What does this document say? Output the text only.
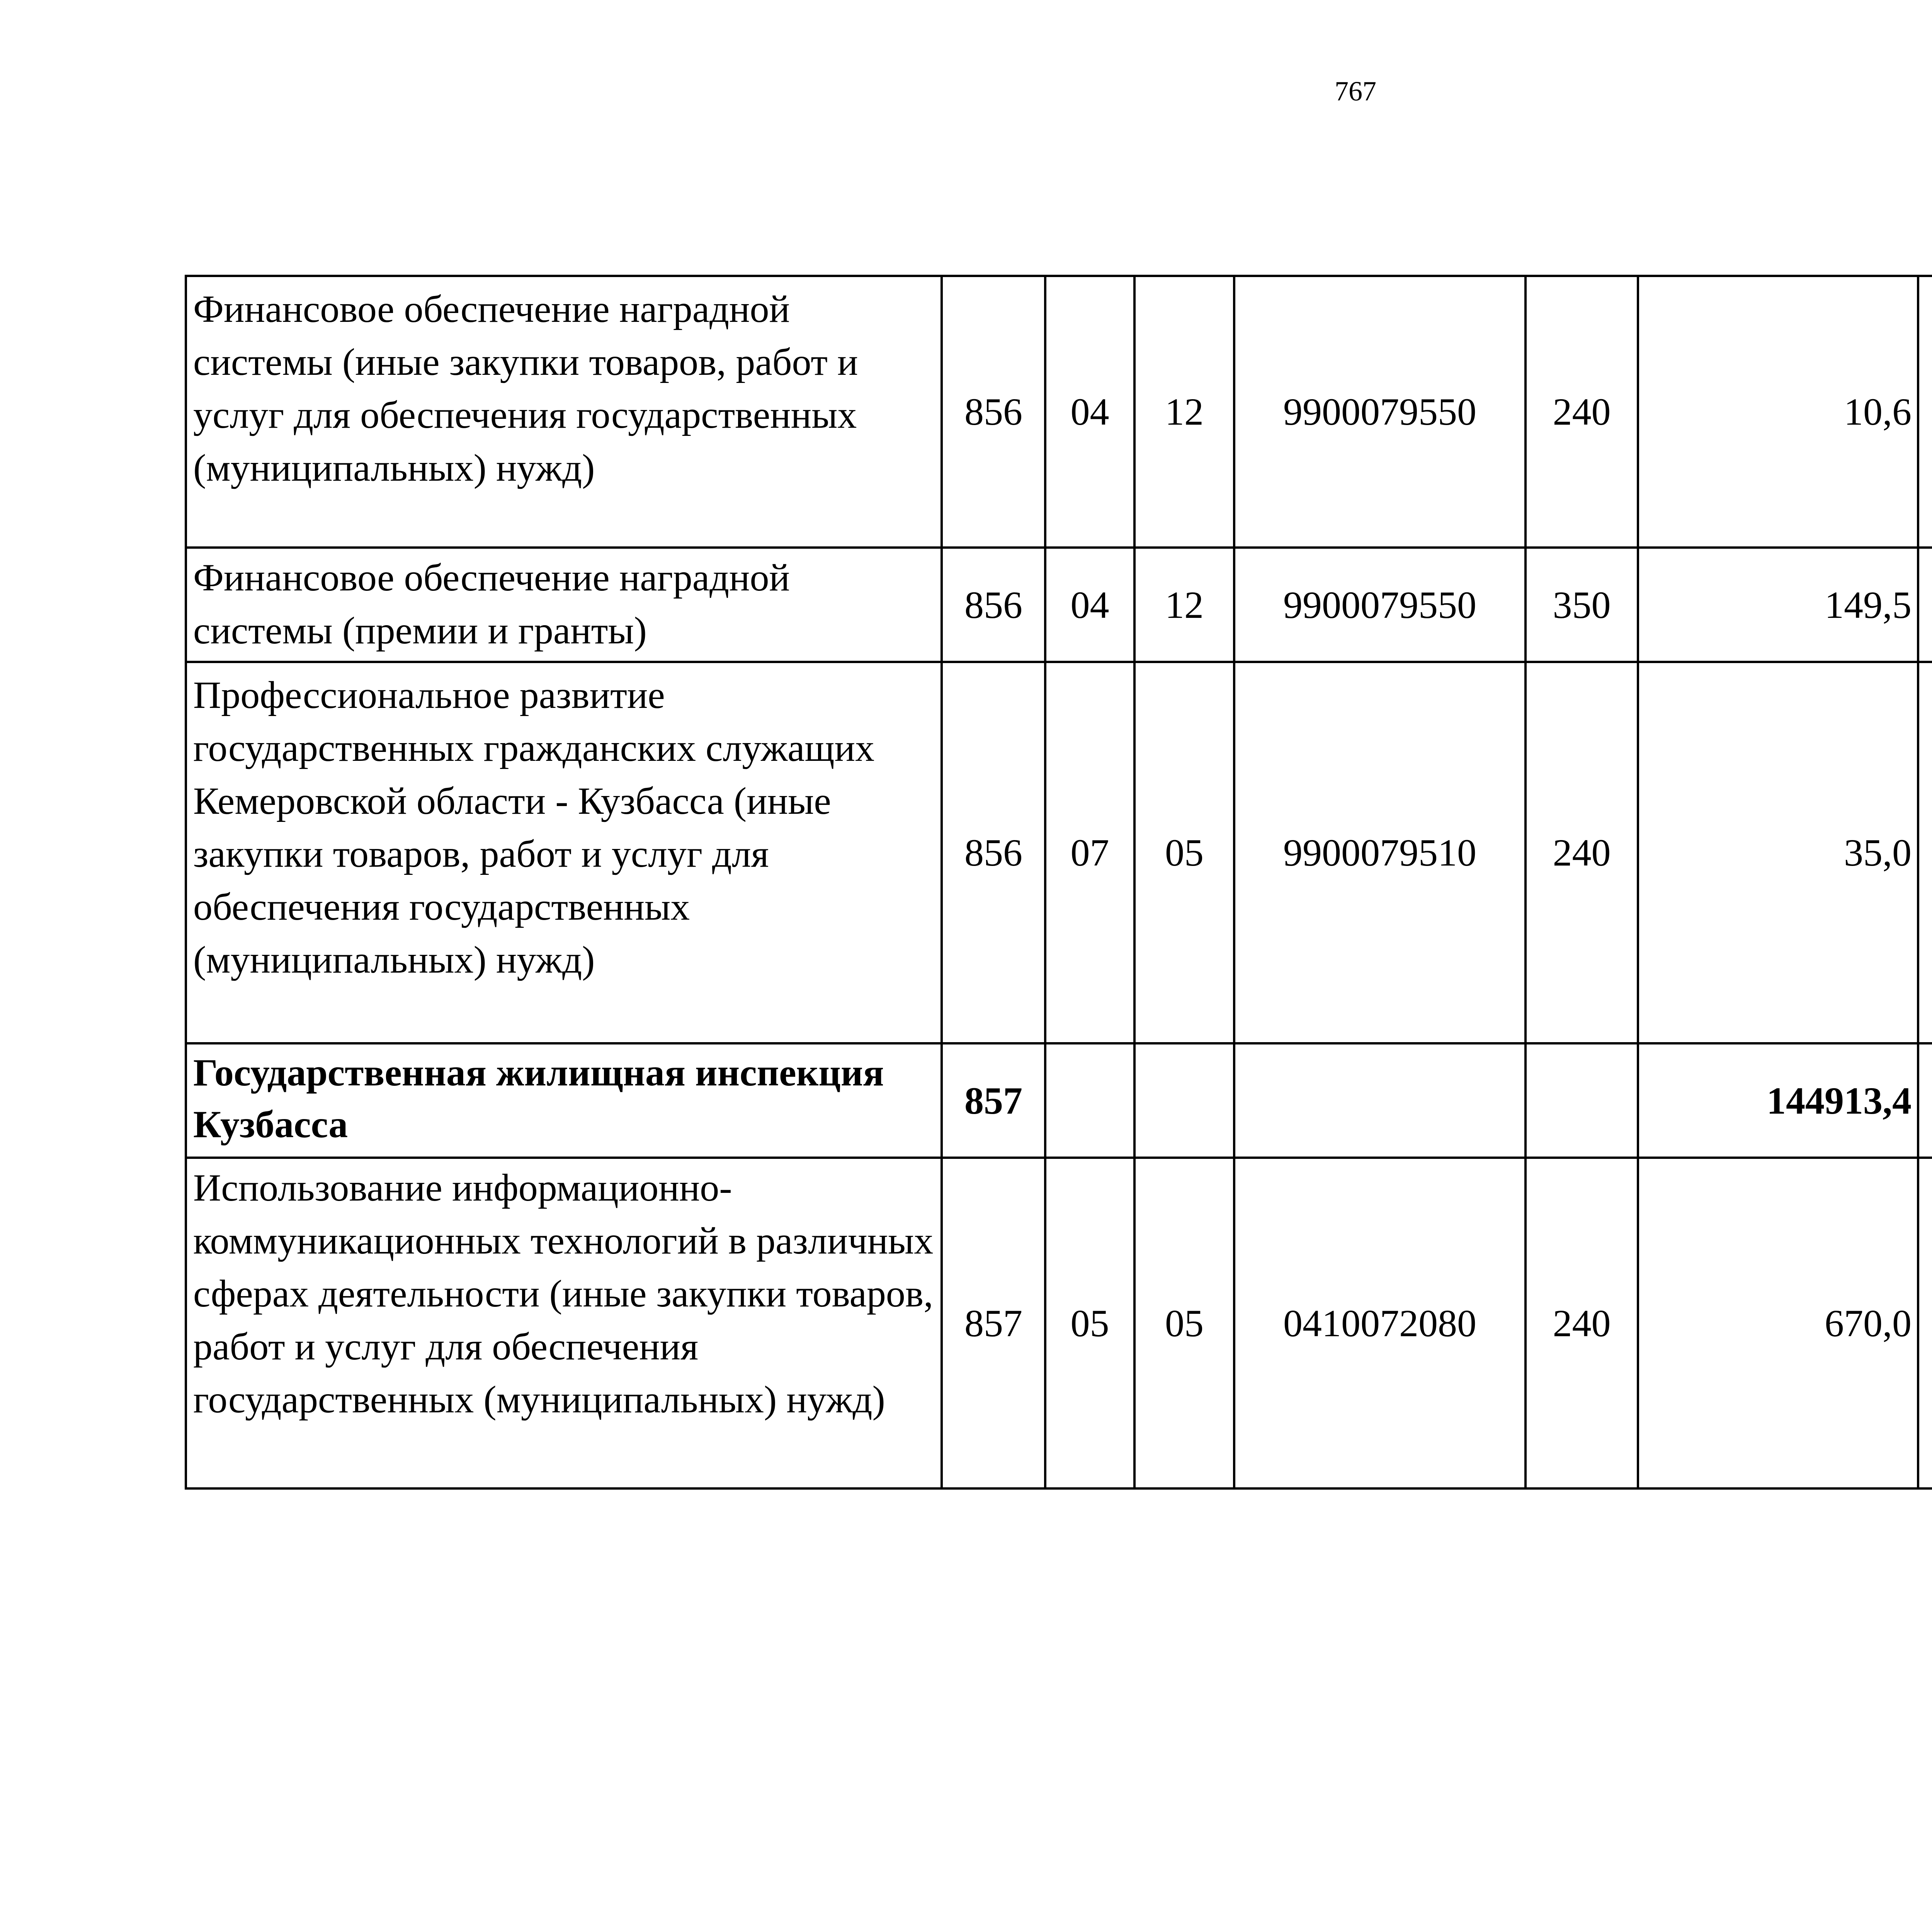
767
Финансовое обеспечение наградной системы (иные закупки товаров, работ и услуг для обеспечения государственных (муниципальных) нужд)	856	04	12	9900079550	240	10,6		
Финансовое обеспечение наградной системы (премии и гранты)	856	04	12	9900079550	350	149,5		
Профессиональное развитие государственных гражданских служащих Кемеровской области - Кузбасса (иные закупки товаров, работ и услуг для обеспечения государственных (муниципальных) нужд)	856	07	05	9900079510	240	35,0		
Государственная жилищная инспекция Кузбасса	857					144913,4		
Использование информационно-коммуникационных технологий в различных сферах деятельности (иные закупки товаров, работ и услуг для обеспечения государственных (муниципальных) нужд)	857	05	05	0410072080	240	670,0		
